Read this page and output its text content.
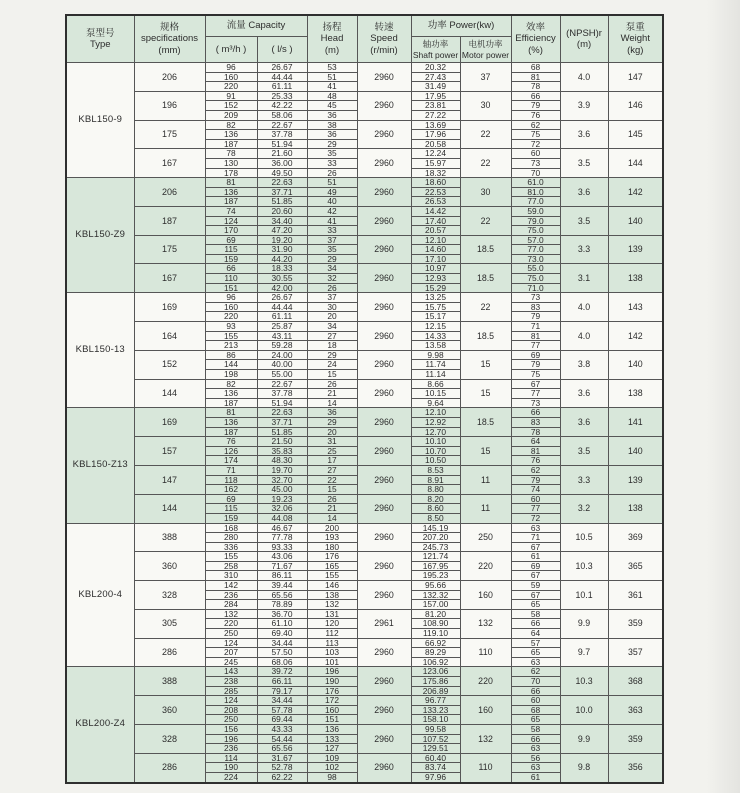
泵型号
Type	规格
specifications
(mm)	流量 Capacity		扬程
Head
(m)	转速
Speed
(r/min)	功率 Power(kw)		效率
Efficiency
(%)	(NPSH)r
(m)	泵重
Weight
(kg)
		( m³/h )	( l/s )			轴功率
Shaft power	电机功率
Motor power			
KBL150-9	206	96	26.67	53	2960	20.32	37	68	4.0	147
		160	44.44	51		27.43		81		
		220	61.11	41		31.49		78		
	196	91	25.33	48	2960	17.95	30	66	3.9	146
		152	42.22	45		23.81		79		
		209	58.06	36		27.22		76		
	175	82	22.67	38	2960	13.69	22	62	3.6	145
		136	37.78	36		17.96		75		
		187	51.94	29		20.58		72		
	167	78	21.60	35	2960	12.24	22	60	3.5	144
		130	36.00	33		15.97		73		
		178	49.50	26		18.32		70		
KBL150-Z9	206	81	22.63	51	2960	18.60	30	61.0	3.6	142
		136	37.71	49		22.53		81.0		
		187	51.85	40		26.53		77.0		
	187	74	20.60	42	2960	14.42	22	59.0	3.5	140
		124	34.40	41		17.40		79.0		
		170	47.20	33		20.57		75.0		
	175	69	19.20	37	2960	12.10	18.5	57.0	3.3	139
		115	31.90	35		14.60		77.0		
		159	44.20	29		17.10		73.0		
	167	66	18.33	34	2960	10.97	18.5	55.0	3.1	138
		110	30.55	32		12.93		75.0		
		151	42.00	26		15.29		71.0		
KBL150-13	169	96	26.67	37	2960	13.25	22	73	4.0	143
		160	44.44	30		15.75		83		
		220	61.11	20		15.17		79		
	164	93	25.87	34	2960	12.15	18.5	71	4.0	142
		155	43.11	27		14.33		81		
		213	59.28	18		13.58		77		
	152	86	24.00	29	2960	9.98	15	69	3.8	140
		144	40.00	24		11.74		79		
		198	55.00	15		11.14		75		
	144	82	22.67	26	2960	8.66	15	67	3.6	138
		136	37.78	21		10.15		77		
		187	51.94	14		9.64		73		
KBL150-Z13	169	81	22.63	36	2960	12.10	18.5	66	3.6	141
		136	37.71	29		12.92		83		
		187	51.85	20		12.70		78		
	157	76	21.50	31	2960	10.10	15	64	3.5	140
		126	35.83	25		10.70		81		
		174	48.30	17		10.50		76		
	147	71	19.70	27	2960	8.53	11	62	3.3	139
		118	32.70	22		8.91		79		
		162	45.00	15		8.80		74		
	144	69	19.23	26	2960	8.20	11	60	3.2	138
		115	32.06	21		8.60		77		
		159	44.08	14		8.50		72		
KBL200-4	388	168	46.67	200	2960	145.19	250	63	10.5	369
		280	77.78	193		207.20		71		
		336	93.33	180		245.73		67		
	360	155	43.06	176	2960	121.74	220	61	10.3	365
		258	71.67	165		167.95		69		
		310	86.11	155		195.23		67		
	328	142	39.44	146	2960	95.66	160	59	10.1	361
		236	65.56	138		132.32		67		
		284	78.89	132		157.00		65		
	305	132	36.70	131	2961	81.20	132	58	9.9	359
		220	61.10	120		108.90		66		
		250	69.40	112		119.10		64		
	286	124	34.44	113	2960	66.92	110	57	9.7	357
		207	57.50	103		89.29		65		
		245	68.06	101		106.92		63		
KBL200-Z4	388	143	39.72	196	2960	123.06	220	62	10.3	368
		238	66.11	190		175.86		70		
		285	79.17	176		206.89		66		
	360	124	34.44	172	2960	96.77	160	60	10.0	363
		208	57.78	160		133.23		68		
		250	69.44	151		158.10		65		
	328	156	43.33	136	2960	99.58	132	58	9.9	359
		196	54.44	133		107.52		66		
		236	65.56	127		129.51		63		
	286	114	31.67	109	2960	60.40	110	56	9.8	356
		190	52.78	102		83.74		63		
		224	62.22	98		97.96		61		
